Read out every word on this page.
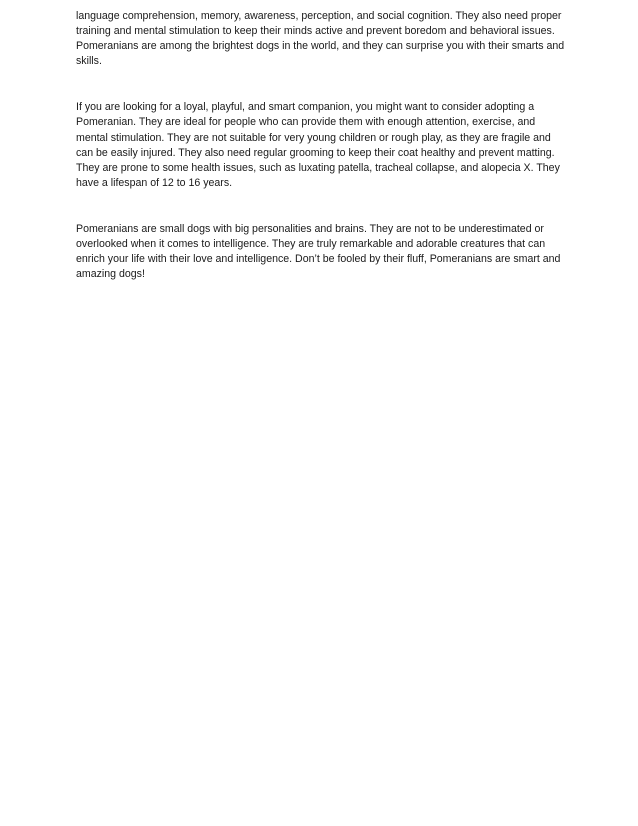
language comprehension, memory, awareness, perception, and social cognition. They also need proper training and mental stimulation to keep their minds active and prevent boredom and behavioral issues. Pomeranians are among the brightest dogs in the world, and they can surprise you with their smarts and skills.

If you are looking for a loyal, playful, and smart companion, you might want to consider adopting a Pomeranian. They are ideal for people who can provide them with enough attention, exercise, and mental stimulation. They are not suitable for very young children or rough play, as they are fragile and can be easily injured. They also need regular grooming to keep their coat healthy and prevent matting. They are prone to some health issues, such as luxating patella, tracheal collapse, and alopecia X. They have a lifespan of 12 to 16 years.

Pomeranians are small dogs with big personalities and brains. They are not to be underestimated or overlooked when it comes to intelligence. They are truly remarkable and adorable creatures that can enrich your life with their love and intelligence. Don’t be fooled by their fluff, Pomeranians are smart and amazing dogs!
